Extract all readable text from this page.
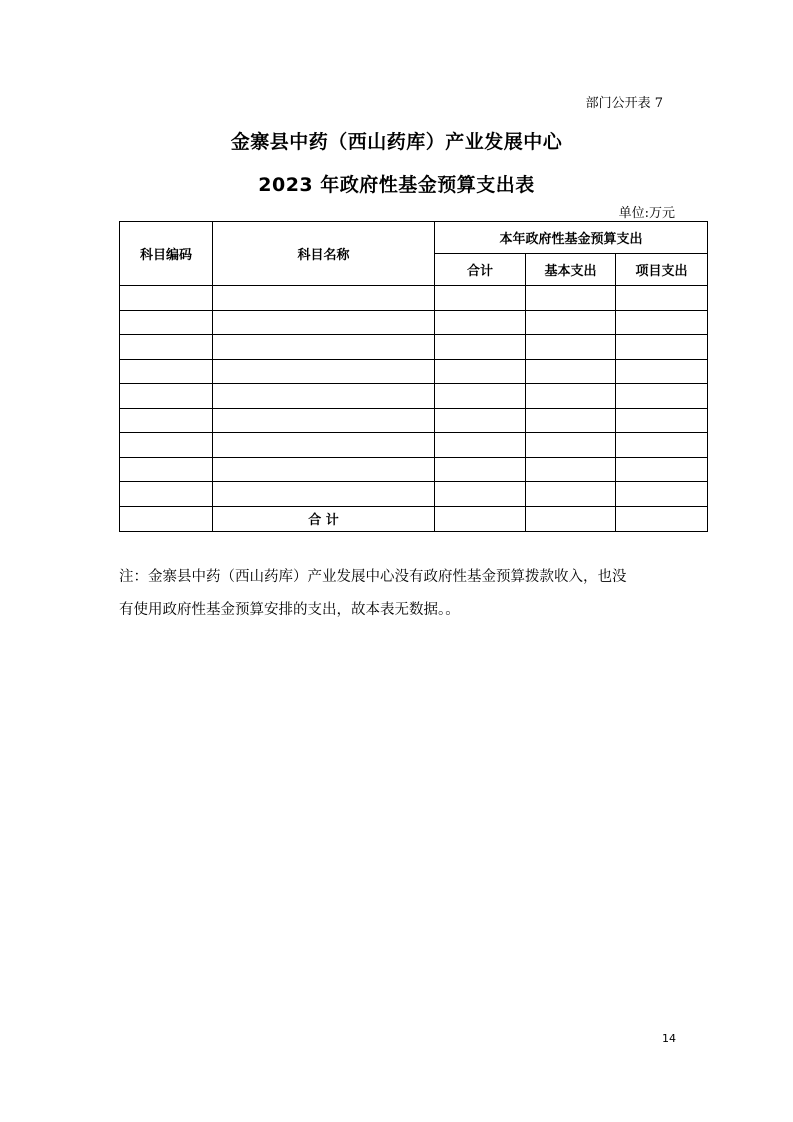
部门公开表 7
金寨县中药（西山药库）产业发展中心
2023 年政府性基金预算支出表
单位:万元
科目编码	科目名称	本年政府性基金预算支出		
		合计	基本支出	项目支出

	合 计			
注：金寨县中药（西山药库）产业发展中心没有政府性基金预算拨款收入，也没
有使用政府性基金预算安排的支出，故本表无数据。。
14
